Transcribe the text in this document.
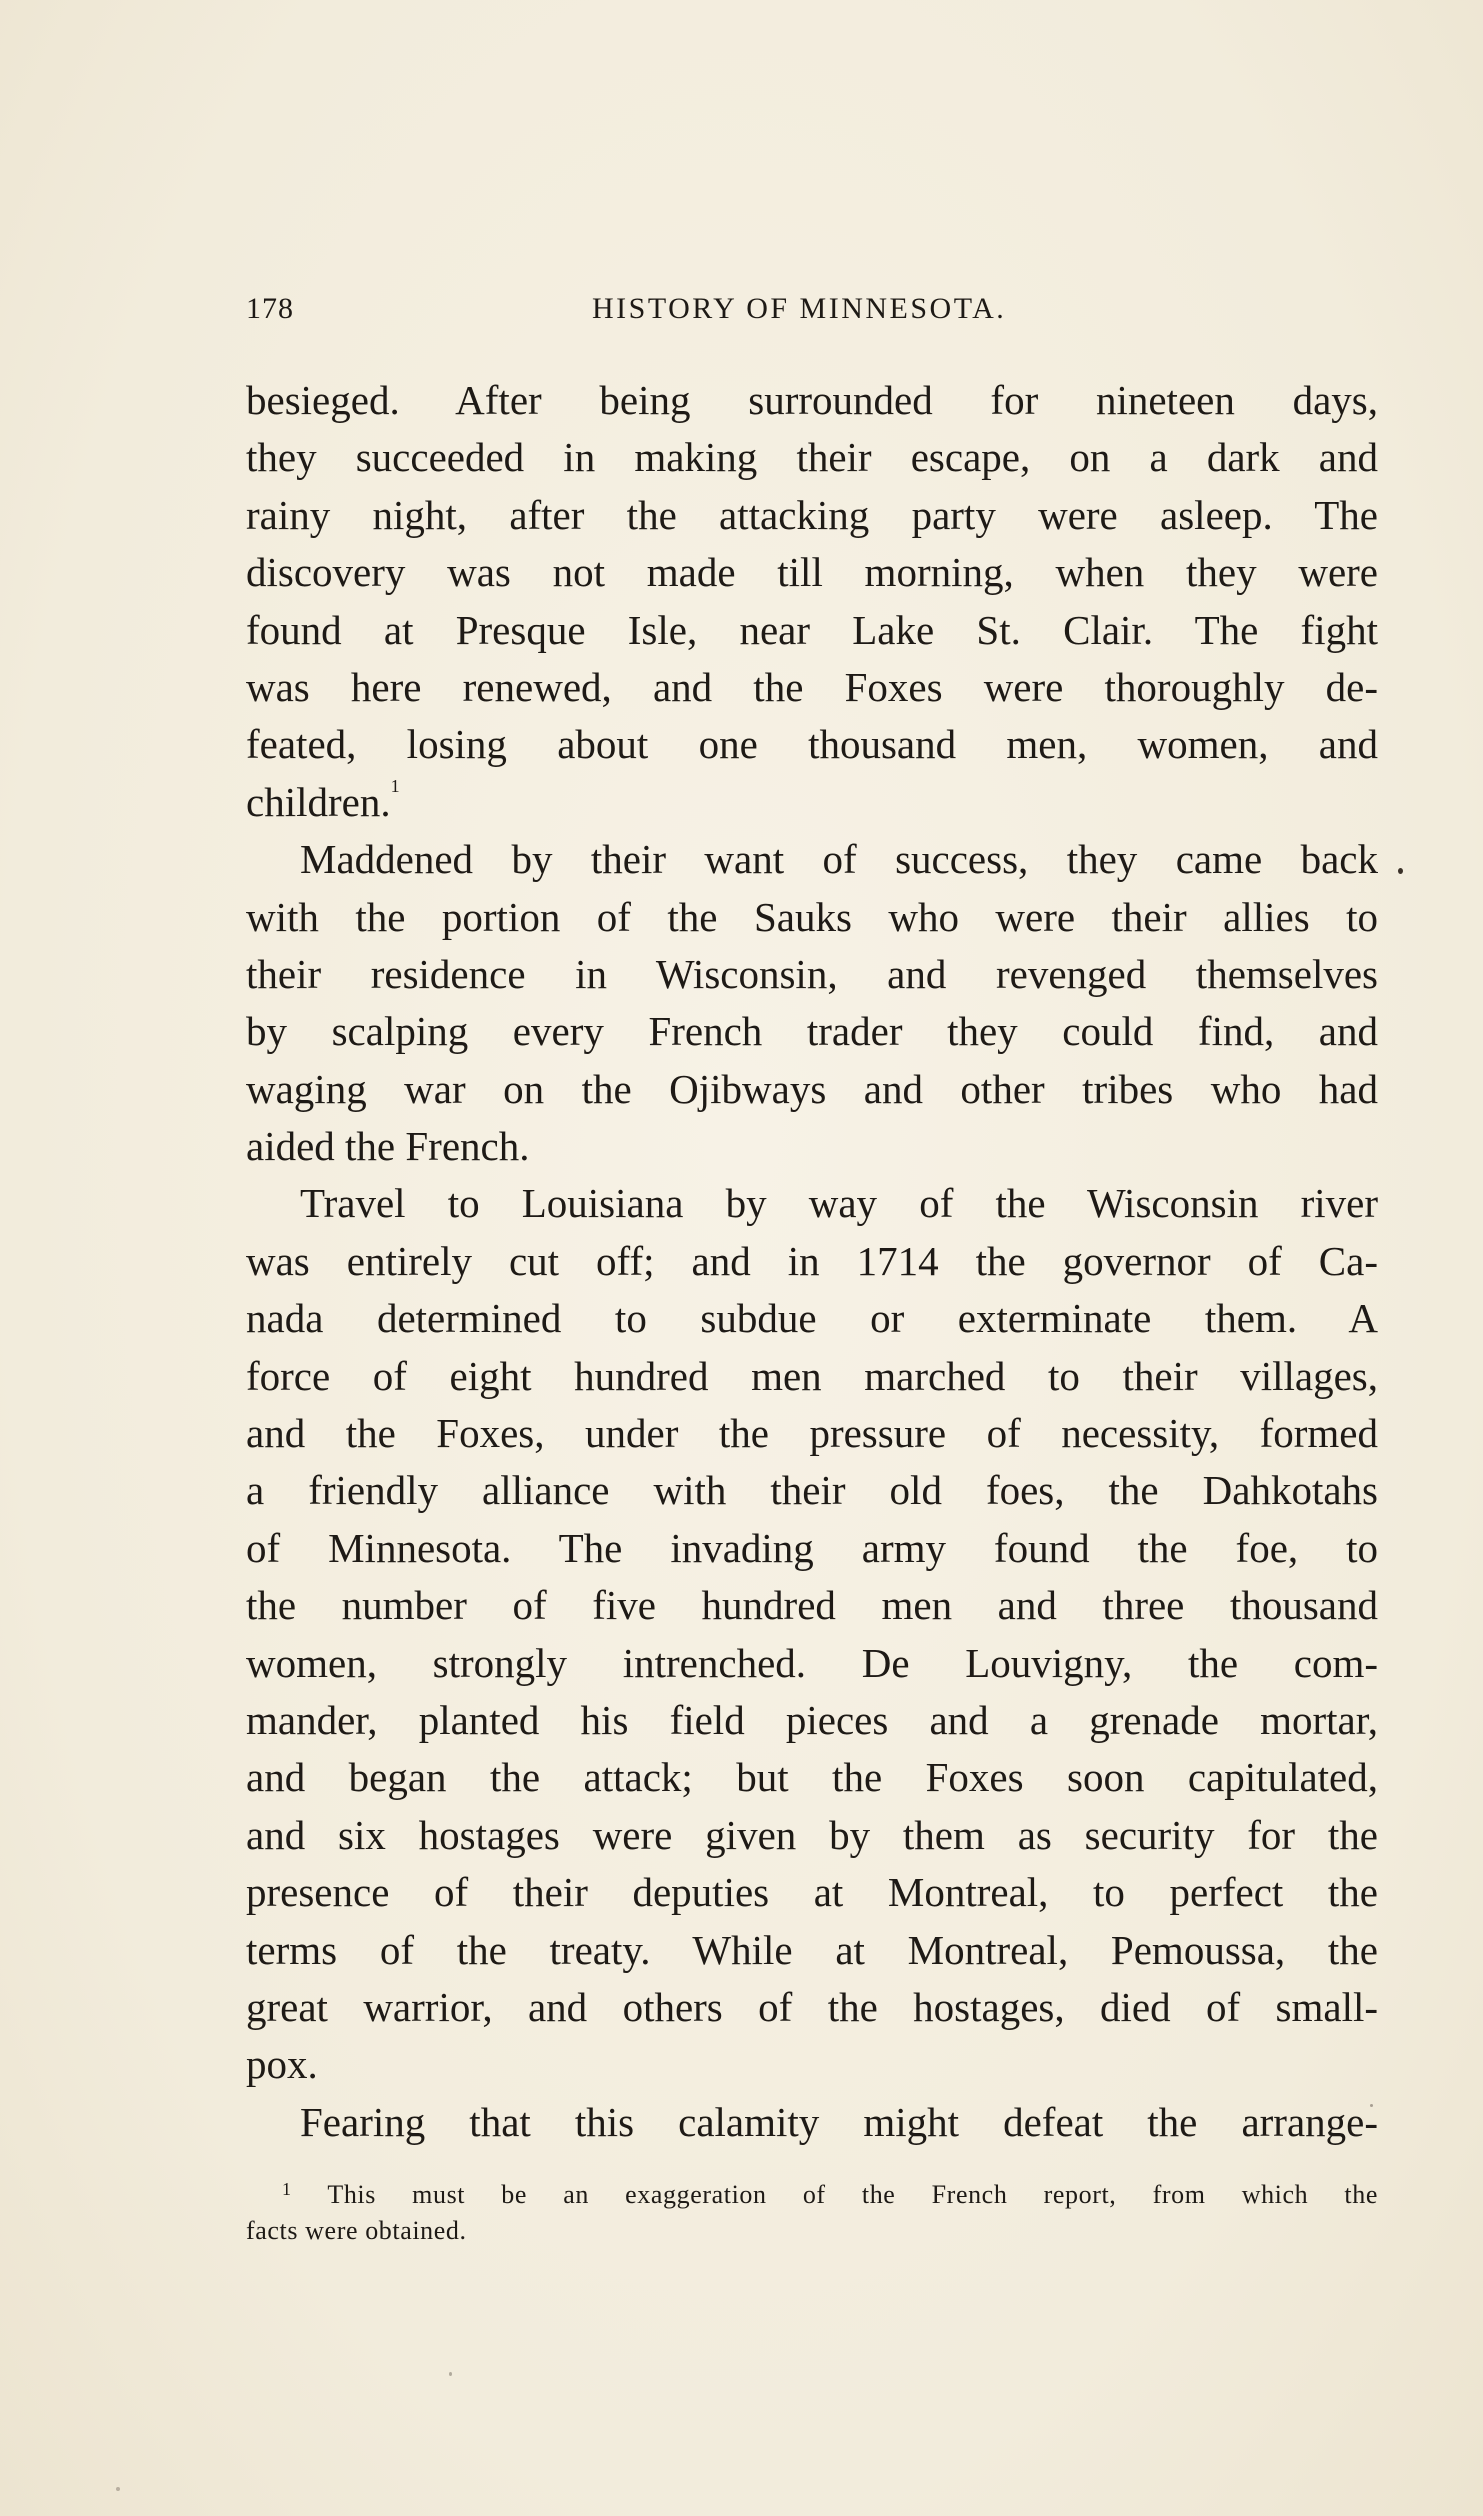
178	HISTORY OF MINNESOTA.
besieged. After being surrounded for nineteen days,
they succeeded in making their escape, on a dark and
rainy night, after the attacking party were asleep. The
discovery was not made till morning, when they were
found at Presque Isle, near Lake St. Clair. The fight
was here renewed, and the Foxes were thoroughly de-
feated, losing about one thousand men, women, and
children.$^1$
Maddened by their want of success, they came back
with the portion of the Sauks who were their allies to
their residence in Wisconsin, and revenged themselves
by scalping every French trader they could find, and
waging war on the Ojibways and other tribes who had
aided the French.
Travel to Louisiana by way of the Wisconsin river
was entirely cut off; and in 1714 the governor of Ca-
nada determined to subdue or exterminate them. A
force of eight hundred men marched to their villages,
and the Foxes, under the pressure of necessity, formed
a friendly alliance with their old foes, the Dahkotahs
of Minnesota. The invading army found the foe, to
the number of five hundred men and three thousand
women, strongly intrenched. De Louvigny, the com-
mander, planted his field pieces and a grenade mortar,
and began the attack; but the Foxes soon capitulated,
and six hostages were given by them as security for the
presence of their deputies at Montreal, to perfect the
terms of the treaty. While at Montreal, Pemoussa, the
great warrior, and others of the hostages, died of small-
pox.
Fearing that this calamity might defeat the arrange-
$^1$ This must be an exaggeration of the French report, from which the
facts were obtained.
